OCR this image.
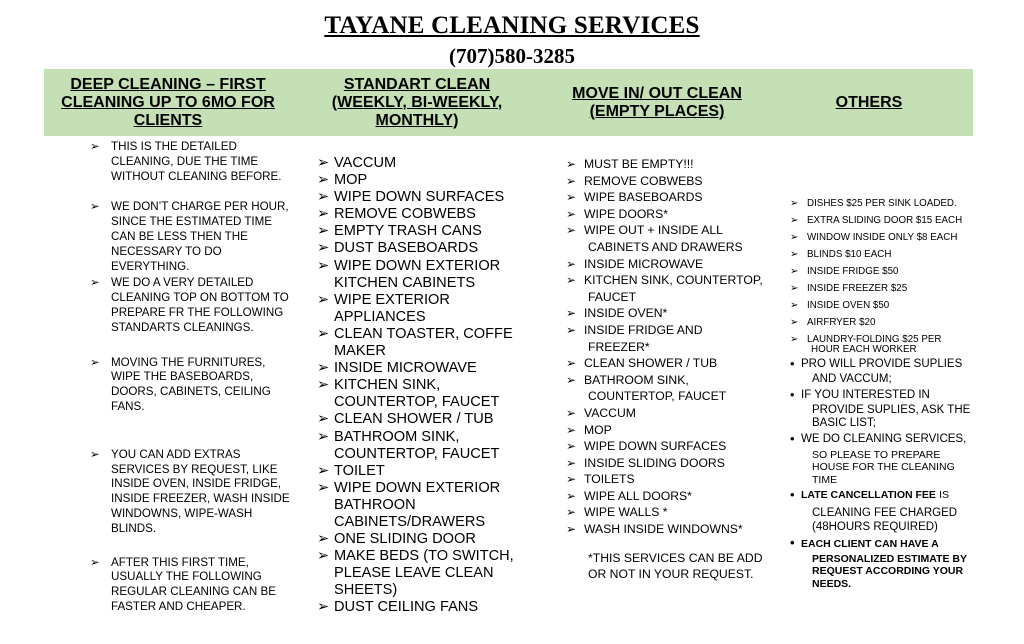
TAYANE CLEANING SERVICES
(707)580-3285
DEEP CLEANING – FIRST CLEANING UP TO 6MO FOR CLIENTS
STANDART CLEAN (WEEKLY, BI-WEEKLY, MONTHLY)
MOVE IN/ OUT CLEAN (EMPTY PLACES)
OTHERS
➢ THIS IS THE DETAILED CLEANING, DUE THE TIME WITHOUT CLEANING BEFORE.
➢ WE DON’T CHARGE PER HOUR, SINCE THE ESTIMATED TIME CAN BE LESS THEN THE NECESSARY TO DO EVERYTHING.
➢ WE DO A VERY DETAILED CLEANING TOP ON BOTTOM TO PREPARE FR THE FOLLOWING STANDARTS CLEANINGS.
➢ MOVING THE FURNITURES, WIPE THE BASEBOARDS, DOORS, CABINETS, CEILING FANS.
➢ YOU CAN ADD EXTRAS SERVICES BY REQUEST, LIKE INSIDE OVEN, INSIDE FRIDGE, INSIDE FREEZER, WASH INSIDE WINDOWNS, WIPE-WASH BLINDS.
➢ AFTER THIS FIRST TIME, USUALLY THE FOLLOWING REGULAR CLEANING CAN BE FASTER AND CHEAPER.
➢ VACCUM
➢ MOP
➢ WIPE DOWN SURFACES
➢ REMOVE COBWEBS
➢ EMPTY TRASH CANS
➢ DUST BASEBOARDS
➢ WIPE DOWN EXTERIOR KITCHEN CABINETS
➢ WIPE EXTERIOR APPLIANCES
➢ CLEAN TOASTER, COFFE MAKER
➢ INSIDE MICROWAVE
➢ KITCHEN SINK, COUNTERTOP, FAUCET
➢ CLEAN SHOWER / TUB
➢ BATHROOM SINK, COUNTERTOP, FAUCET
➢ TOILET
➢ WIPE DOWN EXTERIOR BATHROON CABINETS/DRAWERS
➢ ONE SLIDING DOOR
➢ MAKE BEDS (TO SWITCH, PLEASE LEAVE CLEAN SHEETS)
➢ DUST CEILING FANS
➢ MUST BE EMPTY!!!
➢ REMOVE COBWEBS
➢ WIPE BASEBOARDS
➢ WIPE DOORS*
➢ WIPE OUT + INSIDE ALL
CABINETS AND DRAWERS
➢ INSIDE MICROWAVE
➢ KITCHEN SINK, COUNTERTOP,
FAUCET
➢ INSIDE OVEN*
➢ INSIDE FRIDGE AND
FREEZER*
➢ CLEAN SHOWER / TUB
➢ BATHROOM SINK,
COUNTERTOP, FAUCET
➢ VACCUM
➢ MOP
➢ WIPE DOWN SURFACES
➢ INSIDE SLIDING DOORS
➢ TOILETS
➢ WIPE ALL DOORS*
➢ WIPE WALLS *
➢ WASH INSIDE WINDOWNS*
*THIS SERVICES CAN BE ADD OR NOT IN YOUR REQUEST.
➢ DISHES $25 PER SINK LOADED.
➢ EXTRA SLIDING DOOR $15 EACH
➢ WINDOW INSIDE ONLY $8 EACH
➢ BLINDS $10 EACH
➢ INSIDE FRIDGE $50
➢ INSIDE FREEZER $25
➢ INSIDE OVEN $50
➢ AIRFRYER $20
➢ LAUNDRY-FOLDING $25 PER
HOUR EACH WORKER
• PRO WILL PROVIDE SUPLIES
AND VACCUM;
• IF YOU INTERESTED IN
PROVIDE SUPLIES, ASK THE BASIC LIST;
• WE DO CLEANING SERVICES,
SO PLEASE TO PREPARE HOUSE FOR THE CLEANING TIME
• LATE CANCELLATION FEE IS
CLEANING FEE CHARGED
(48HOURS REQUIRED)
• EACH CLIENT CAN HAVE A
PERSONALIZED ESTIMATE BY REQUEST ACCORDING YOUR NEEDS.
